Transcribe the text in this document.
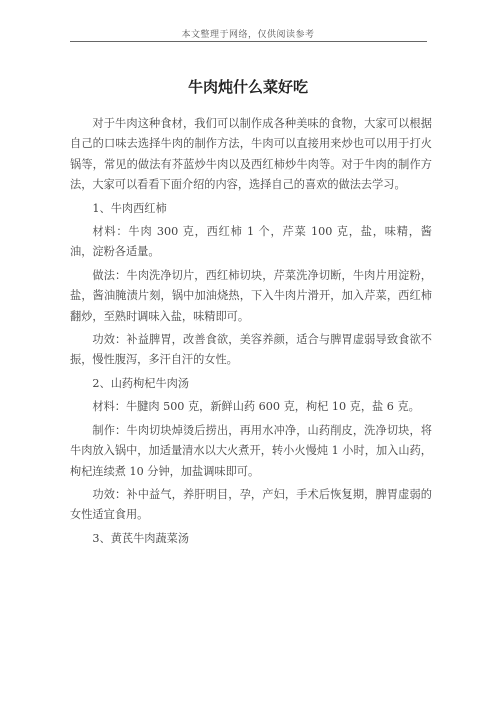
本文整理于网络，仅供阅读参考
牛肉炖什么菜好吃

对于牛肉这种食材，我们可以制作成各种美味的食物，大家可以根据自己的口味去选择牛肉的制作方法，牛肉可以直接用来炒也可以用于打火锅等，常见的做法有芥蓝炒牛肉以及西红柿炒牛肉等。对于牛肉的制作方法，大家可以看看下面介绍的内容，选择自己的喜欢的做法去学习。

1、牛肉西红柿

材料：牛肉 300 克，西红柿 1 个，芹菜 100 克，盐，味精，酱油，淀粉各适量。

做法：牛肉洗净切片，西红柿切块，芹菜洗净切断，牛肉片用淀粉，盐，酱油腌渍片刻，锅中加油烧热，下入牛肉片滑开，加入芹菜，西红柿翻炒，至熟时调味入盐，味精即可。

功效：补益脾胃，改善食欲，美容养颜，适合与脾胃虚弱导致食欲不振，慢性腹泻，多汗自汗的女性。

2、山药枸杞牛肉汤

材料：牛腱肉 500 克，新鲜山药 600 克，枸杞 10 克，盐 6 克。

制作：牛肉切块焯烫后捞出，再用水冲净，山药削皮，洗净切块，将牛肉放入锅中，加适量清水以大火煮开，转小火慢炖 1 小时，加入山药，枸杞连续煮 10 分钟，加盐调味即可。

功效：补中益气，养肝明目，孕，产妇，手术后恢复期，脾胃虚弱的女性适宜食用。

3、黄芪牛肉蔬菜汤
